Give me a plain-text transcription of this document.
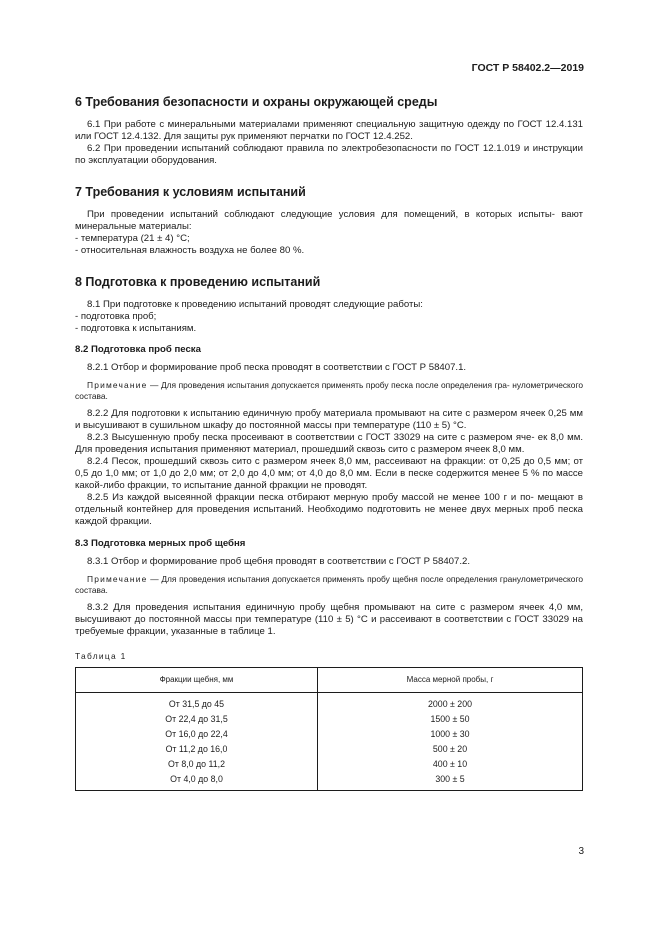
ГОСТ Р 58402.2—2019
6 Требования безопасности и охраны окружающей среды

6.1 При работе с минеральными материалами применяют специальную защитную одежду по ГОСТ 12.4.131 или ГОСТ 12.4.132. Для защиты рук применяют перчатки по ГОСТ 12.4.252.

6.2 При проведении испытаний соблюдают правила по электробезопасности по ГОСТ 12.1.019 и инструкции по эксплуатации оборудования.

7 Требования к условиям испытаний

При проведении испытаний соблюдают следующие условия для помещений, в которых испыты- вают минеральные материалы:

- температура (21 ± 4) °С;

- относительная влажность воздуха не более 80 %.

8 Подготовка к проведению испытаний

8.1 При подготовке к проведению испытаний проводят следующие работы:

- подготовка проб;

- подготовка к испытаниям.

8.2 Подготовка проб песка

8.2.1 Отбор и формирование проб песка проводят в соответствии с ГОСТ Р 58407.1.

Примечание — Для проведения испытания допускается применять пробу песка после определения гра- нулометрического состава.

8.2.2 Для подготовки к испытанию единичную пробу материала промывают на сите с размером ячеек 0,25 мм и высушивают в сушильном шкафу до постоянной массы при температуре (110 ± 5) °С.

8.2.3 Высушенную пробу песка просеивают в соответствии с ГОСТ 33029 на сите с размером яче- ек 8,0 мм. Для проведения испытания применяют материал, прошедший сквозь сито с размером ячеек 8,0 мм.

8.2.4 Песок, прошедший сквозь сито с размером ячеек 8,0 мм, рассеивают на фракции: от 0,25 до 0,5 мм; от 0,5 до 1,0 мм; от 1,0 до 2,0 мм; от 2,0 до 4,0 мм; от 4,0 до 8,0 мм. Если в песке содержится менее 5 % по массе какой-либо фракции, то испытание данной фракции не проводят.

8.2.5 Из каждой высеянной фракции песка отбирают мерную пробу массой не менее 100 г и по- мещают в отдельный контейнер для проведения испытаний. Необходимо подготовить не менее двух мерных проб песка каждой фракции.

8.3 Подготовка мерных проб щебня

8.3.1 Отбор и формирование проб щебня проводят в соответствии с ГОСТ Р 58407.2.

Примечание — Для проведения испытания допускается применять пробу щебня после определения гранулометрического состава.

8.3.2 Для проведения испытания единичную пробу щебня промывают на сите с размером ячеек 4,0 мм, высушивают до постоянной массы при температуре (110 ± 5) °С и рассеивают в соответствии с ГОСТ 33029 на требуемые фракции, указанные в таблице 1.

Таблица 1
Фракции щебня, мм	Масса мерной пробы, г
От 31,5 до 45	2000 ± 200
От 22,4 до 31,5	1500 ± 50
От 16,0 до 22,4	1000 ± 30
От 11,2 до 16,0	500 ± 20
От 8,0 до 11,2	400 ± 10
От 4,0 до 8,0	300 ± 5
3
